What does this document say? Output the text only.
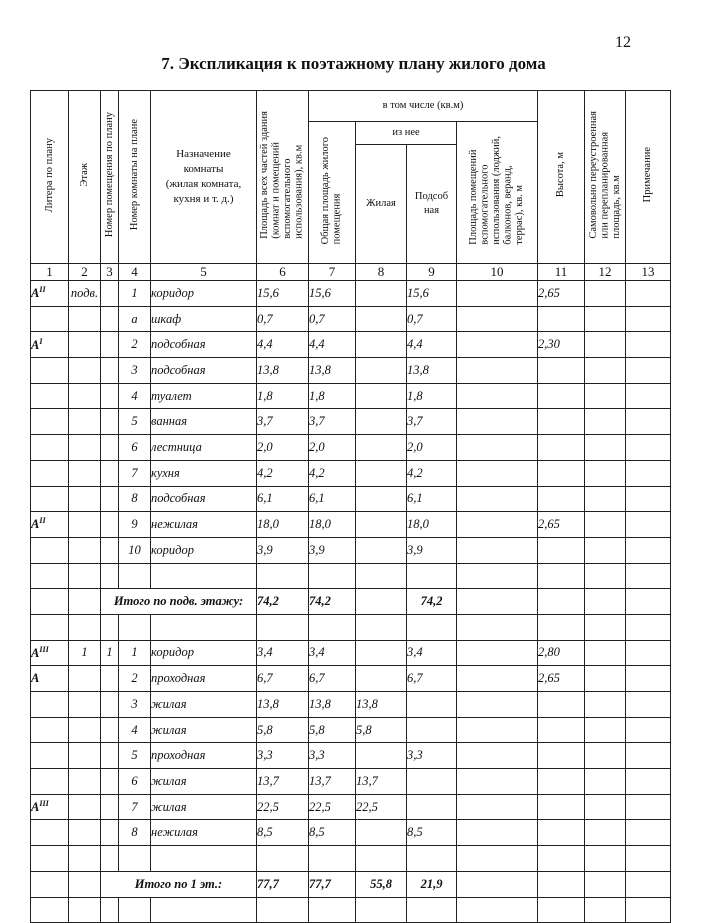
12
7. Экспликация к поэтажному плану жилого дома
Литера по плану	Этаж	Номер помещения по плану	Номер комнаты на плане	Назначение
комнаты
(жилая комната,
кухня и т. д.)	Площадь всех частей здания
(комнат и помещений
вспомогательного
использования), кв.м	в том числе (кв.м)				Высота, м	Самовольно переустроенная
или перепланированная
площадь, кв.м	Примечание
						Общая площадь жилого
помещения	из нее		Площадь помещений
вспомогательного
использования (лоджий,
балконов, веранд,
террас), кв. м			

							Жилая	Подсоб
ная				

1	2	3	4	5	6	7	8	9	10	11	12	13
$А^{II}$	подв.		1	коридор	15,6	15,6		15,6		2,65		
			а	шкаф	0,7	0,7		0,7				
$А^I$			2	подсобная	4,4	4,4		4,4		2,30		
			3	подсобная	13,8	13,8		13,8				
			4	туалет	1,8	1,8		1,8				
			5	ванная	3,7	3,7		3,7				
			6	лестница	2,0	2,0		2,0				
			7	кухня	4,2	4,2		4,2				
			8	подсобная	6,1	6,1		6,1				
$А^{II}$			9	нежилая	18,0	18,0		18,0		2,65		
			10	коридор	3,9	3,9		3,9				

		Итого по подв. этажу:			74,2	74,2		74,2				

$А^{III}$	1	1	1	коридор	3,4	3,4		3,4		2,80		
А			2	проходная	6,7	6,7		6,7		2,65		
			3	жилая	13,8	13,8	13,8					
			4	жилая	5,8	5,8	5,8					
			5	проходная	3,3	3,3		3,3				
			6	жилая	13,7	13,7	13,7					
$А^{III}$			7	жилая	22,5	22,5	22,5					
			8	нежилая	8,5	8,5		8,5				

		Итого по 1 эт.:			77,7	77,7	55,8	21,9				
